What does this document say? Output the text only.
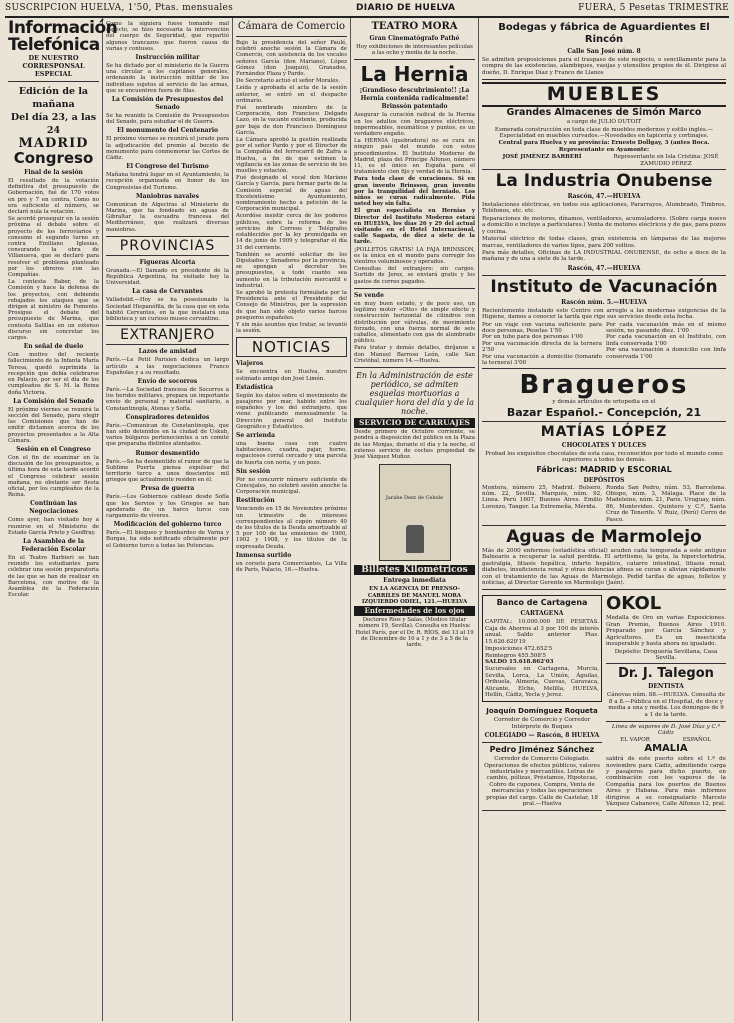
SUSCRIPCION HUELVA, 1'50, Ptas. mensuales	DIARIO DE HUELVA	FUERA, 5 Pesetas TRIMESTRE
Información Telefónica
DE NUESTRO CORRESPONSAL ESPECIAL
Edición de la mañana
Del día 23, a las 24
MADRID
Congreso
Final de la sesión

El resultado de la votación definitiva del presupuesto de Gobernación, fué de 170 votos en pro y 7 en contra. Como no era suficiente el número, se declaró nula la votación.

Se acordó proseguir en la sesión próxima el debate sobre el proyecto de los ferroviarios y consumo el segundo turno en contra Emiliano Iglesias, censurando la obra de Villanueva, que se declaró para resolver el problema planteado por los obreros con las Compañías.

La contesta Baber, de la Comisión y hace la defensa de los proyectos, con debiendo rebajados los ataques que se dirigen al ministro de Fomento. Prosigue el debate del presupuesto de Marina, que contesta Salillas en un extenso discurso sin concretar los cargos.

En señal de duelo

Con motivo del reciente fallecimiento de la Infanta María Teresa, quedó suprimida la recepción que debía celebrarse en Palacio, por ser el día de los cumpleaños de S. M. la Reina doña Victoria.

La Comisión del Senado

El próximo viernes se reunirá la sección del Senado, para elegir las Comisiones que han de emitir dictamen acerca de los proyectos presentados a la Alta Cámara.

Sesión en el Congreso

Con el fin de examinar en la discusión de los presupuestos, a última hora de esta tarde acordó el Congreso celebrar sesión mañana, no obstante ser fiesta oficial, por los cumpleaños de la Reina.

Continúan las Negociaciones

Como ayer, han visitado hoy a reunirse en el Ministerio de Estado García Prieto y Geoffray.

La Asamblea de la Federación Escolar

En el Teatro Barbieri se han reunido los estudiantes para celebrar una sesión preparatoria de las que se han de realizar en Barcelona, con motivo de la Asamblea de la Federación Escolar.

Como la siguiera fuese tomando mal aspecto, se hizo necesaria la intervención del cuerpo de Seguridad, que repartió algunos trancazos que fueron causa de varias y contusos.

Instrucción militar

Se ha dictado por el ministerio de la Guerra una circular a los capitanes generales, ordenando la instrucción militar de los individuos sujetos al servicio de las armas, que se encuentren fuera de filas.

La Comisión de Presupuestos del Senado

Se ha reunido la Comisión de Presupuestos del Senado, para estudiar el de Guerra.

El monumento del Centenario

El próximo viernes se reunirá el jurado para la adjudicación del premio al boceto de monumento para conmemorar las Cortes de Cádiz.

El Congreso del Turismo

Mañana tendrá lugar en el Ayuntamiento, la recepción organizada en honor de los Congresistas del Turismo.

Maniobras navales

Comunican de Algeciras al Ministerio de Marina, que ha fondeado en aguas de Gibraltar la escuadra francesa del Mediterráneo, que realizará diversas maniobras.

PROVINCIAS
Figueras Alcorta

Granada.—El llamado ex presidente de la República Argentina, ha visitado hoy la Universidad.

La casa de Cervantes

Valladolid.—Hoy se ha posesionado la Sociedad Hispanófila, de la casa que en esta habitó Cervantes, en la que instalará una biblioteca y un curioso museo cervantino.

EXTRANJERO
Lazos de amistad

París.—Le Petit Parisien dedica un largo artículo a las negociaciones Franco Españolas y a su resultado.

Envío de socorros

París.—La Sociedad francesa de Socorros a los heridos militares, prepara un importante envío de personal y material sanitario, a Constantinopla, Atenas y Sofía.

Conspiradores detenidos

París.—Comunican de Constantinopla, que han sido detenidos en la ciudad de Uskub, varios búlgaros pertenecientes a un comité que preparaba distintos atentados.

Rumor desmentido

París.—Se ha desmentido el rumor de que la Sublime Puerta piensa expulsar del territorio turco a unos doscientos mil griegos que actualmente residen en él.

Presa de guerra

París.—Los Gobiernos cablean desde Sofía que los Servios y los Griegos se han apoderado de un barco turco con cargamento de víveres.

Modificación del gobierno turco

París.—El bloqueo y bombardeo de Varna y Burgas, ha sido notificado oficialmente por el Gobierno turco a todas las Potencias.

Cámara de Comercio

Bajo la presidencia del señor Paulé, celebró anoche sesión la Cámara de Comercio, con asistencia de los vocales señores García (don Mariano), López Gómez (don Joaquín), Granados, Fernández Plaza y Pardo.

De Secretario actuó el señor Morales.

Leída y aprobada el acta de la sesión anterior, se entró en el despacho ordinario.

Fué nombrado miembro de la Corporación, don Francisco Delgado Lazo, en la vacante existente, producida por baja de don Francisco Domínguez García.

La Cámara aprobó la gestión realizada por el señor Pardo y por el Director de la Compañía del ferrocarril de Zafra a Huelva, a fin de que estimen la vigilancia en las zonas de servicio de los muelles y estación.

Fué designado el vocal don Mariano García y García, para formar parte de la Comisión especial de aguas del Excelentísimo Ayuntamiento, nombramiento hecho a petición de la Corporación municipal.

Acordóse insistir cerca de los poderes públicos, sobre la reforma de los servicios de Correos y Telégrafos establecidos por la ley promulgada en 14 de junio de 1909 y telegrafiar el día 31 del corriente.

También se acordó solicitar de los Diputados y Senadores por la provincia, se opongan al decretar los presupuestos, a todo cuanto sea aumento en la tributación mercantil e industrial.

Se aprobó la protesta formulada por la Presidencia ante el Presidente del Consejo de Ministros, por la supresión de que han sido objeto varios barcos pesqueros españoles.

Y sin más asuntos que tratar, se levantó la sesión.

NOTICIAS
Viajeros

Se encuentra en Huelva, nuestro estimado amigo don José Limón.

Estadística

Según los datos sobre el movimiento de pasajeros por mar, habido entre los españoles y los del extranjero, que viene publicando mensualmente la Dirección general del Instituto Geográfico y Estadístico.

Se arrienda

una buena casa con cuatro habitaciones, cuadra, pajar, horno, espaciosos corral cercado y una parcela de huerta con noria, y un pozo.

Sin sesión

Por no concurrir número suficiente de Concejales, no celebró sesión anoche la Corporación municipal.

Restitución

Venciendo en 15 de Noviembre próximo un trimestre de intereses correspondientes al cupón número 40 de los títulos de la Deuda amortizable al 5 por 100 de las emisiones de 1900, 1902 y 1908, y los títulos de la expresada Deuda.

Inmensa surtido

en corsets para Comerciantes, La Villa de París, Palacio, 16.—Huelva.

TEATRO MORA
Gran Cinematógrafo Pathé

Hoy exhibiciones de interesantes películas a las ocho y media de la noche.

La Hernia
¡Grandioso descubrimiento!! ¡La Hernia contenida radicalmente! Brinssón patentado

Asegurar la curación radical de la Hernia en los adultos con bragueros eléctricos, impermeables, neumáticos y puntos, es un verdadero engaño.

La HERNIA (quebradura) no se cura en ningún país del mundo con estos procedimientos. El Instituto Moderno de Madrid, plaza del Príncipe Alfonso, número 11, es el único en España para el tratamiento cien fijo y verdad de la Hernia.

Para toda clase de curaciones. Si en gran invento Brinsson, gran invento por la tranquilidad del herniado. Los niños se curan radicalmente. Pida usted hoy sin falta.

El gran especialista en Hernias y Director del Instituto Moderno estará en HUELVA, los días 26 y 29 del actual visitando en el Hotel Internacional, calle Sagasta, de diez a siete de la tarde.

¡POLLETOS GRATIS! LA FAJA BRINSSON, es la única en el mundo para corregir los vientres voluminosos y operados.

Consultas del extranjero: sin cargos. Surtido de Jerez, se enviará gratis y los gastos de correo pagados.

Se vende

en muy buen estado, y de poco uso, un legítimo motor «Otto» de simple efecto y construcción horizontal de cilindros con distribución por válvulas, de movimiento forzado, con una fuerza normal de seis caballos, alimentado con gas de alumbrado público.

Para tratar y demás detalles, diríjanse a don Manuel Barroso León, calle San Cristóbal, número 14.—Huelva.

En la Administración de este periódico, se admiten esquelas mortuorias a cualquier hora del día y de la noche.

SERVICIO DE CARRUAJES

Desde primero de Octubre corriente, se pondrá a disposición del público en la Plaza de las Monjas, durante el día y la noche, el extenso servicio de coches propiedad de José Vázquez Muñoz.

Jarabe Dent de Cebole
Billetes Kilométricos
Entrega inmediata

EN LA AGENCIA DE PRENSO-CARRILES DE MANUEL MORA IZQUIERDO ODIEL, 121.—HUELVA

Enfermedades de los ojos

Doctores Ríos y Salas, (Medico titular número 19, Sevilla). Consulta en Huelva: Hotel París, por el Dr. R. RÍOS, del 13 al 19 de Diciembre de 10 a 1 y de 3 a 5 de la tarde.

Bodegas y fábrica de Aguardientes El Rincón
Calle San José núm. 8

Se admiten proposiciones para el traspaso de este negocio, o sencillamente para la compra de las existencias, alambiques, vasijas y utensilios propios de él. Dirigirse al dueño, D. Enrique Díaz y Franco de Llanos

MUEBLES
Grandes Almacenes de Simón Marco
a cargo de JULIO DUTOIT

Esmerada construcción en toda clase de muebles modernos y estilo inglés.—Especialidad en muebles curvados.—Novedades en tapicería y cortinajes.

Central para Huelva y su provincia: Ernesto Dollgay, 3 (antes Boca. Representante en Ayamonte:

JOSÉ JIMÉNEZ BARBERÍ	Representante en Isla Cristina: JOSÉ ZAMUDIO PÉREZ
La Industria Onubense
Rascón, 47.—HUELVA

Instalaciones eléctricas, en todos sus aplicaciones, Pararrayos, Alumbrado, Timbres, Teléfonos, etc. etc.

Reparaciones de motores, dínamos, ventiladores, acumuladores. (Sobre carga nuevo a domicilio e incluye a particulares.) Venta de motores eléctricos y de gas, para pozos y cocina.

Material eléctrico de todas clases, gran existencia en lámparas de las mejores marcas, ventiladores de varios tipos, para 200 voltios.

Para más detalles, Oficinas de LA INDUSTRIAL ONUBENSE, de ocho a doce de la mañana y de una a siete de la tarde.

Rascón, 47.—HUELVA
Instituto de Vacunación
Rascón núm. 5.—HUELVA

Recientemente instalado este Centro con arreglo a las modernas exigencias de la Higiene, damos a conocer la tarifa que rige sus servicios desde esta fecha.

Por un viaje con vacuna suficiente para doce personas, Pesetas 1'50
Por un tubo para dos personas 1'00
Por una vacunación directa de la ternera 2'50
Por una vacunación a domicilio (tomando la ternera) 3'00
Por cada vacunación más en el mismo sesión, no pasando diez. 1'00
Por cada vacunación en el Instituto, con linfa conservada 1'00
Por una vacunación a domicilio con linfa conservada 1'00
Bragueros
y demás artículos de ortopedia en el
Bazar Español.- Concepción, 21
MATÍAS LÓPEZ
CHOCOLATES Y DULCES

Probad los exquisitos chocolates de esta casa, reconocidos por todo el mundo como superiores a todos los demás.

Fábricas: MADRID y ESCORIAL
DEPÓSITOS
Montera, número 25, Madrid. Bolsero, núm. 22, Sevilla. Marqués, núm. 92, Linea. Perú 1607, Buenos Aires. Emilio Lorenzo, Tanger. La Extremeña, Mérida.
Ronda San Pedro, núm. 53, Barcelona. Obispo, núm. 3, Málaga. Place de la Madeleine, núm. 21, París. Uruguay, núm. 86, Montevideo. Quintero y C.ª, Santa Cruz de Tenerife. V. Ruiz, (Perú) Cerro de Pasco.
Aguas de Marmolejo

Más de 2000 enfermos (estadística oficial) acuden cada temporada a este antiguo Balneario a recuperar la salud perdida. El artritismo, la gota, la hiperclorhidria, gastralgia, litiasis hepática, infarto hepático, catarro intestinal, litiasis renal, diabetes, insuficiencia renal y otras dolencias afines se curan o alivian rápidamente con el tratamiento de las Aguas de Marmolejo. Pedid tarifas de aguas, folletos y noticias, al Director Gerente en Marmolejo (Jaén).

Banco de Cartagena
CARTAGENA

CAPITAL: 10.000.000 DE PESETAS. Caja de Ahorros al 3 por 100 de interés anual. Saldo anterior Ptas. 15.626.620'19

Imposiciones 472.652'5
Reintegros 455.508'5
SALDO 15.618.862'03

Sucursales en Cartagena, Murcia, Sevilla, Lorca, La Unión, Águilas, Orihuela, Almería, Cuevas, Caravaca, Alicante, Elche, Melilla, HUELVA, Hellín, Cádiz, Yecla y Jerez.

Joaquín Domínguez Roqueta

Corredor de Comercio y Corredor Intérprete de Buques

COLEGIADO — Rascón, 8 HUELVA
Pedro Jiménez Sánchez

Corredor de Comercio Colegiado. Operaciones de efectos públicos, valores industriales y mercantiles. Letras de cambio, pólizas, Préstamos, Hipotecas, Cobro de cupones, Compra, Venta de mercancías y todas las operaciones propias del cargo. Calle de Castelar, 18 pral.—Huelva

OKOL

Medalla de Oro en varias Exposiciones. Gran Premio, Buenos Aires 1910. Preparado por García Sánchez y Agricultores. Es un insecticida insuperable y hasta ahora no igualado.

Depósito: Droguería Sevillana, Casa Sevilla.
Dr. J. Talegon
DENTISTA

Cánovas núm. 88.—HUELVA. Consulta de 8 a 8.—Pública en el Hospital, de doce y media a una y media. Los domingos de 9 a 1 de la tarde.

Línea de vapores de D. José Díaz y C.ª Cádiz
EL VAPOR	ESPAÑOL
AMALIA

saldrá de este puerto sobre el 1.º de noviembre para Cádiz, admitiendo carga y pasajeros para dicho puerto, en combinación con los vapores de la Compañía para los puertos de Buenos Aires y Habana. Para más informes dirigirse a su consignatario Marcelo Vázquez Cabanove, Calle Alfonso 12, pral.
